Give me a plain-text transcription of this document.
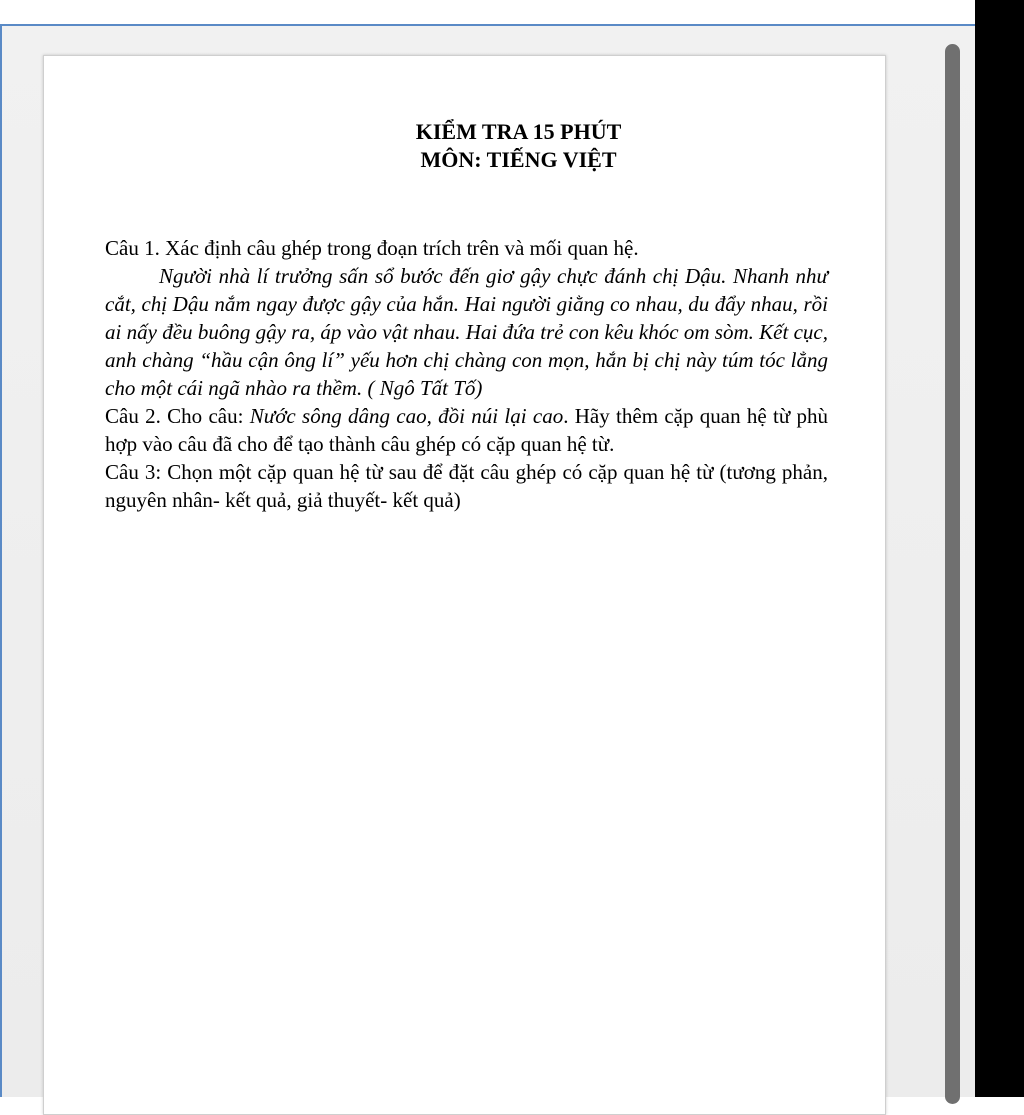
KIỂM TRA 15 PHÚT
MÔN: TIẾNG VIỆT

Câu 1. Xác định câu ghép trong đoạn trích trên và mối quan hệ.

Người nhà lí trưởng sấn sổ bước đến giơ gậy chực đánh chị Dậu. Nhanh như cắt, chị Dậu nắm ngay được gậy của hắn. Hai người giằng co nhau, du đẩy nhau, rồi ai nấy đều buông gậy ra, áp vào vật nhau. Hai đứa trẻ con kêu khóc om sòm. Kết cục, anh chàng “hầu cận ông lí” yếu hơn chị chàng con mọn, hắn bị chị này túm tóc lẳng cho một cái ngã nhào ra thềm. ( Ngô Tất Tố)

Câu 2. Cho câu: Nước sông dâng cao, đồi núi lại cao. Hãy thêm cặp quan hệ từ phù hợp vào câu đã cho để tạo thành câu ghép có cặp quan hệ từ.

Câu 3: Chọn một cặp quan hệ từ sau để đặt câu ghép có cặp quan hệ từ (tương phản, nguyên nhân- kết quả, giả thuyết- kết quả)
